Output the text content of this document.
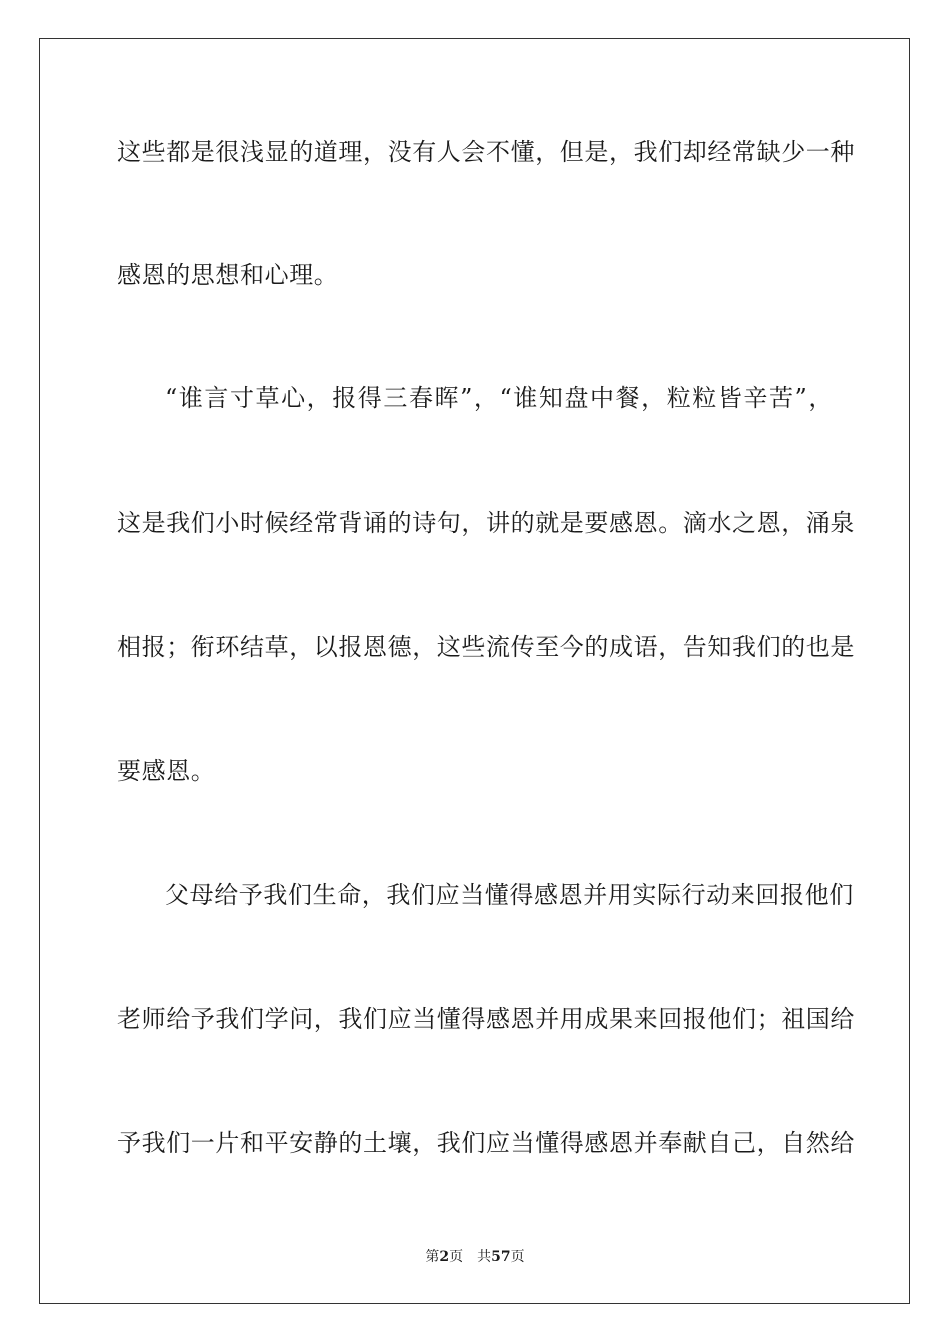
这些都是很浅显的道理，没有人会不懂，但是，我们却经常缺少一种
感恩的思想和心理。
“谁言寸草心，报得三春晖”，“谁知盘中餐，粒粒皆辛苦”，
这是我们小时候经常背诵的诗句，讲的就是要感恩。滴水之恩，涌泉
相报；衔环结草，以报恩德，这些流传至今的成语，告知我们的也是
要感恩。
父母给予我们生命，我们应当懂得感恩并用实际行动来回报他们
老师给予我们学问，我们应当懂得感恩并用成果来回报他们；祖国给
予我们一片和平安静的土壤，我们应当懂得感恩并奉献自己，自然给
第2页 共57页
